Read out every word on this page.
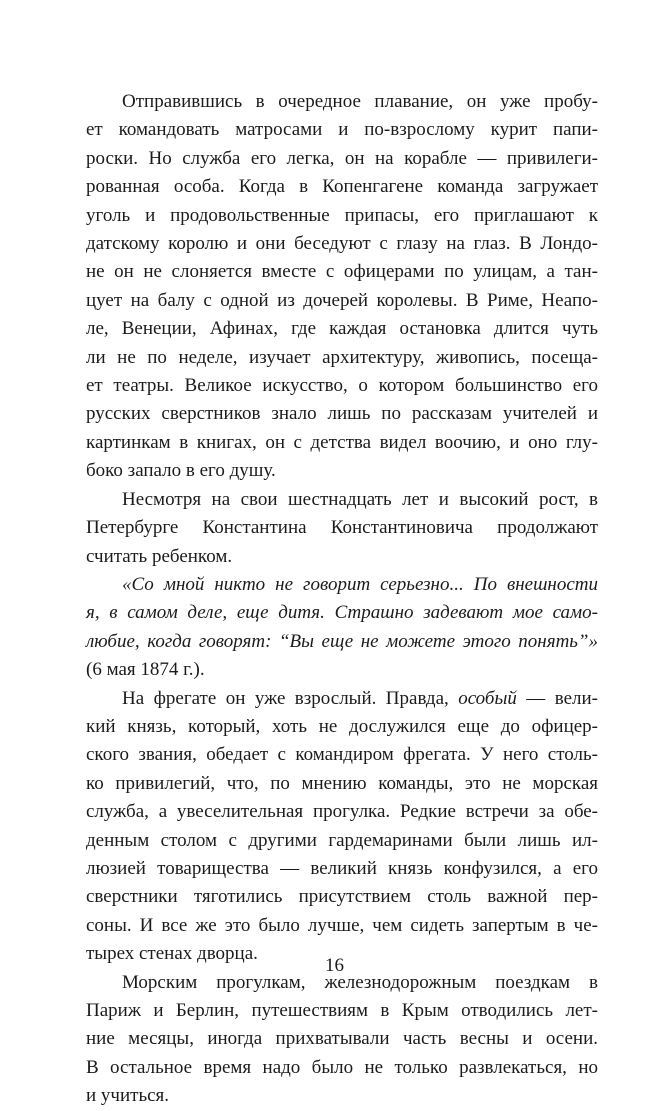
Отправившись в очередное плавание, он уже пробу-
ет командовать матросами и по-взрослому курит папи-
роски. Но служба его легка, он на корабле — привилеги-
рованная особа. Когда в Копенгагене команда загружает
уголь и продовольственные припасы, его приглашают к
датскому королю и они беседуют с глазу на глаз. В Лондо-
не он не слоняется вместе с офицерами по улицам, а тан-
цует на балу с одной из дочерей королевы. В Риме, Неапо-
ле, Венеции, Афинах, где каждая остановка длится чуть
ли не по неделе, изучает архитектуру, живопись, посеща-
ет театры. Великое искусство, о котором большинство его
русских сверстников знало лишь по рассказам учителей и
картинкам в книгах, он с детства видел воочию, и оно глу-
боко запало в его душу.
Несмотря на свои шестнадцать лет и высокий рост, в
Петербурге Константина Константиновича продолжают
считать ребенком.
«Со мной никто не говорит серьезно... По внешности
я, в самом деле, еще дитя. Страшно задевают мое само-
любие, когда говорят: “Вы еще не можете этого понять”»
(6 мая 1874 г.).
На фрегате он уже взрослый. Правда, особый — вели-
кий князь, который, хоть не дослужился еще до офицер-
ского звания, обедает с командиром фрегата. У него столь-
ко привилегий, что, по мнению команды, это не морская
служба, а увеселительная прогулка. Редкие встречи за обе-
денным столом с другими гардемаринами были лишь ил-
люзией товарищества — великий князь конфузился, а его
сверстники тяготились присутствием столь важной пер-
соны. И все же это было лучше, чем сидеть запертым в че-
тырех стенах дворца.
Морским прогулкам, железнодорожным поездкам в
Париж и Берлин, путешествиям в Крым отводились лет-
ние месяцы, иногда прихватывали часть весны и осени.
В остальное время надо было не только развлекаться, но
и учиться.
16
